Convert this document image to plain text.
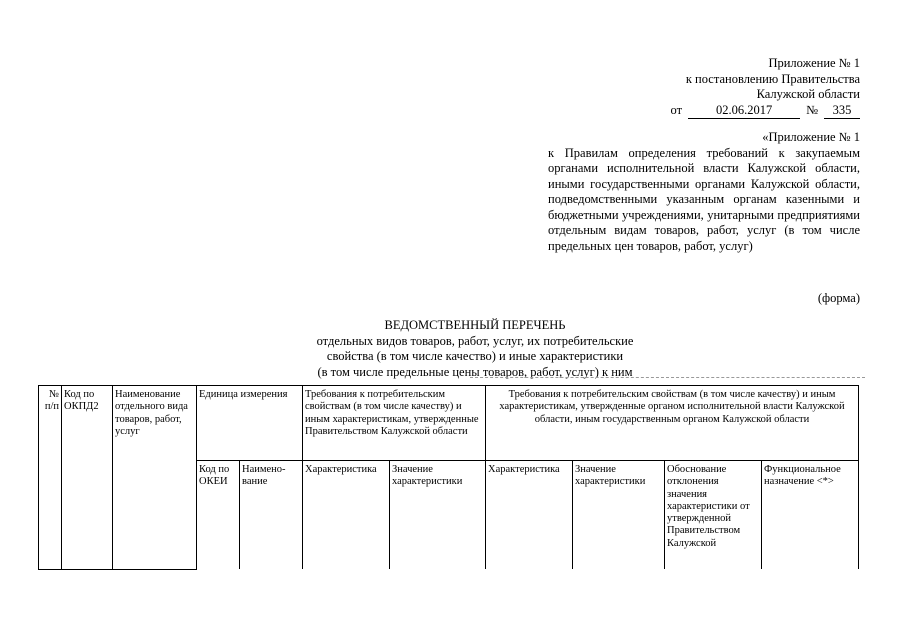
Приложение № 1
к постановлению Правительства
Калужской области
от	02.06.2017	№	335
«Приложение № 1
к Правилам определения требований к закупаемым органами исполнительной власти Калужской области, иными государственными органами Калужской области, подведомственными указанным органам казенными и бюджетными учреждениями, унитарными предприятиями отдельным видам товаров, работ, услуг (в том числе предельных цен товаров, работ, услуг)
(форма)
ВЕДОМСТВЕННЫЙ ПЕРЕЧЕНЬ
отдельных видов товаров, работ, услуг, их потребительские
свойства (в том числе качество) и иные характеристики
(в том числе предельные цены товаров, работ, услуг) к ним
№ п/п	Код по ОКПД2	Наименование отдельного вида товаров, работ, услуг	Единица измерения		Требования к потребительским свойствам (в том числе качеству) и иным характеристикам, утвержденные Правительством Калужской области		Требования к потребительским свойствам (в том числе качеству) и иным характеристикам, утвержденные органом исполнительной власти Калужской области, иным государственным органом Калужской области			
			Код по ОКЕИ	Наимено-вание	Характеристика	Значение характеристики	Характеристика	Значение характеристики	Обоснование отклонения значения характеристики от утвержденной Правительством Калужской	Функциональное назначение <*>
